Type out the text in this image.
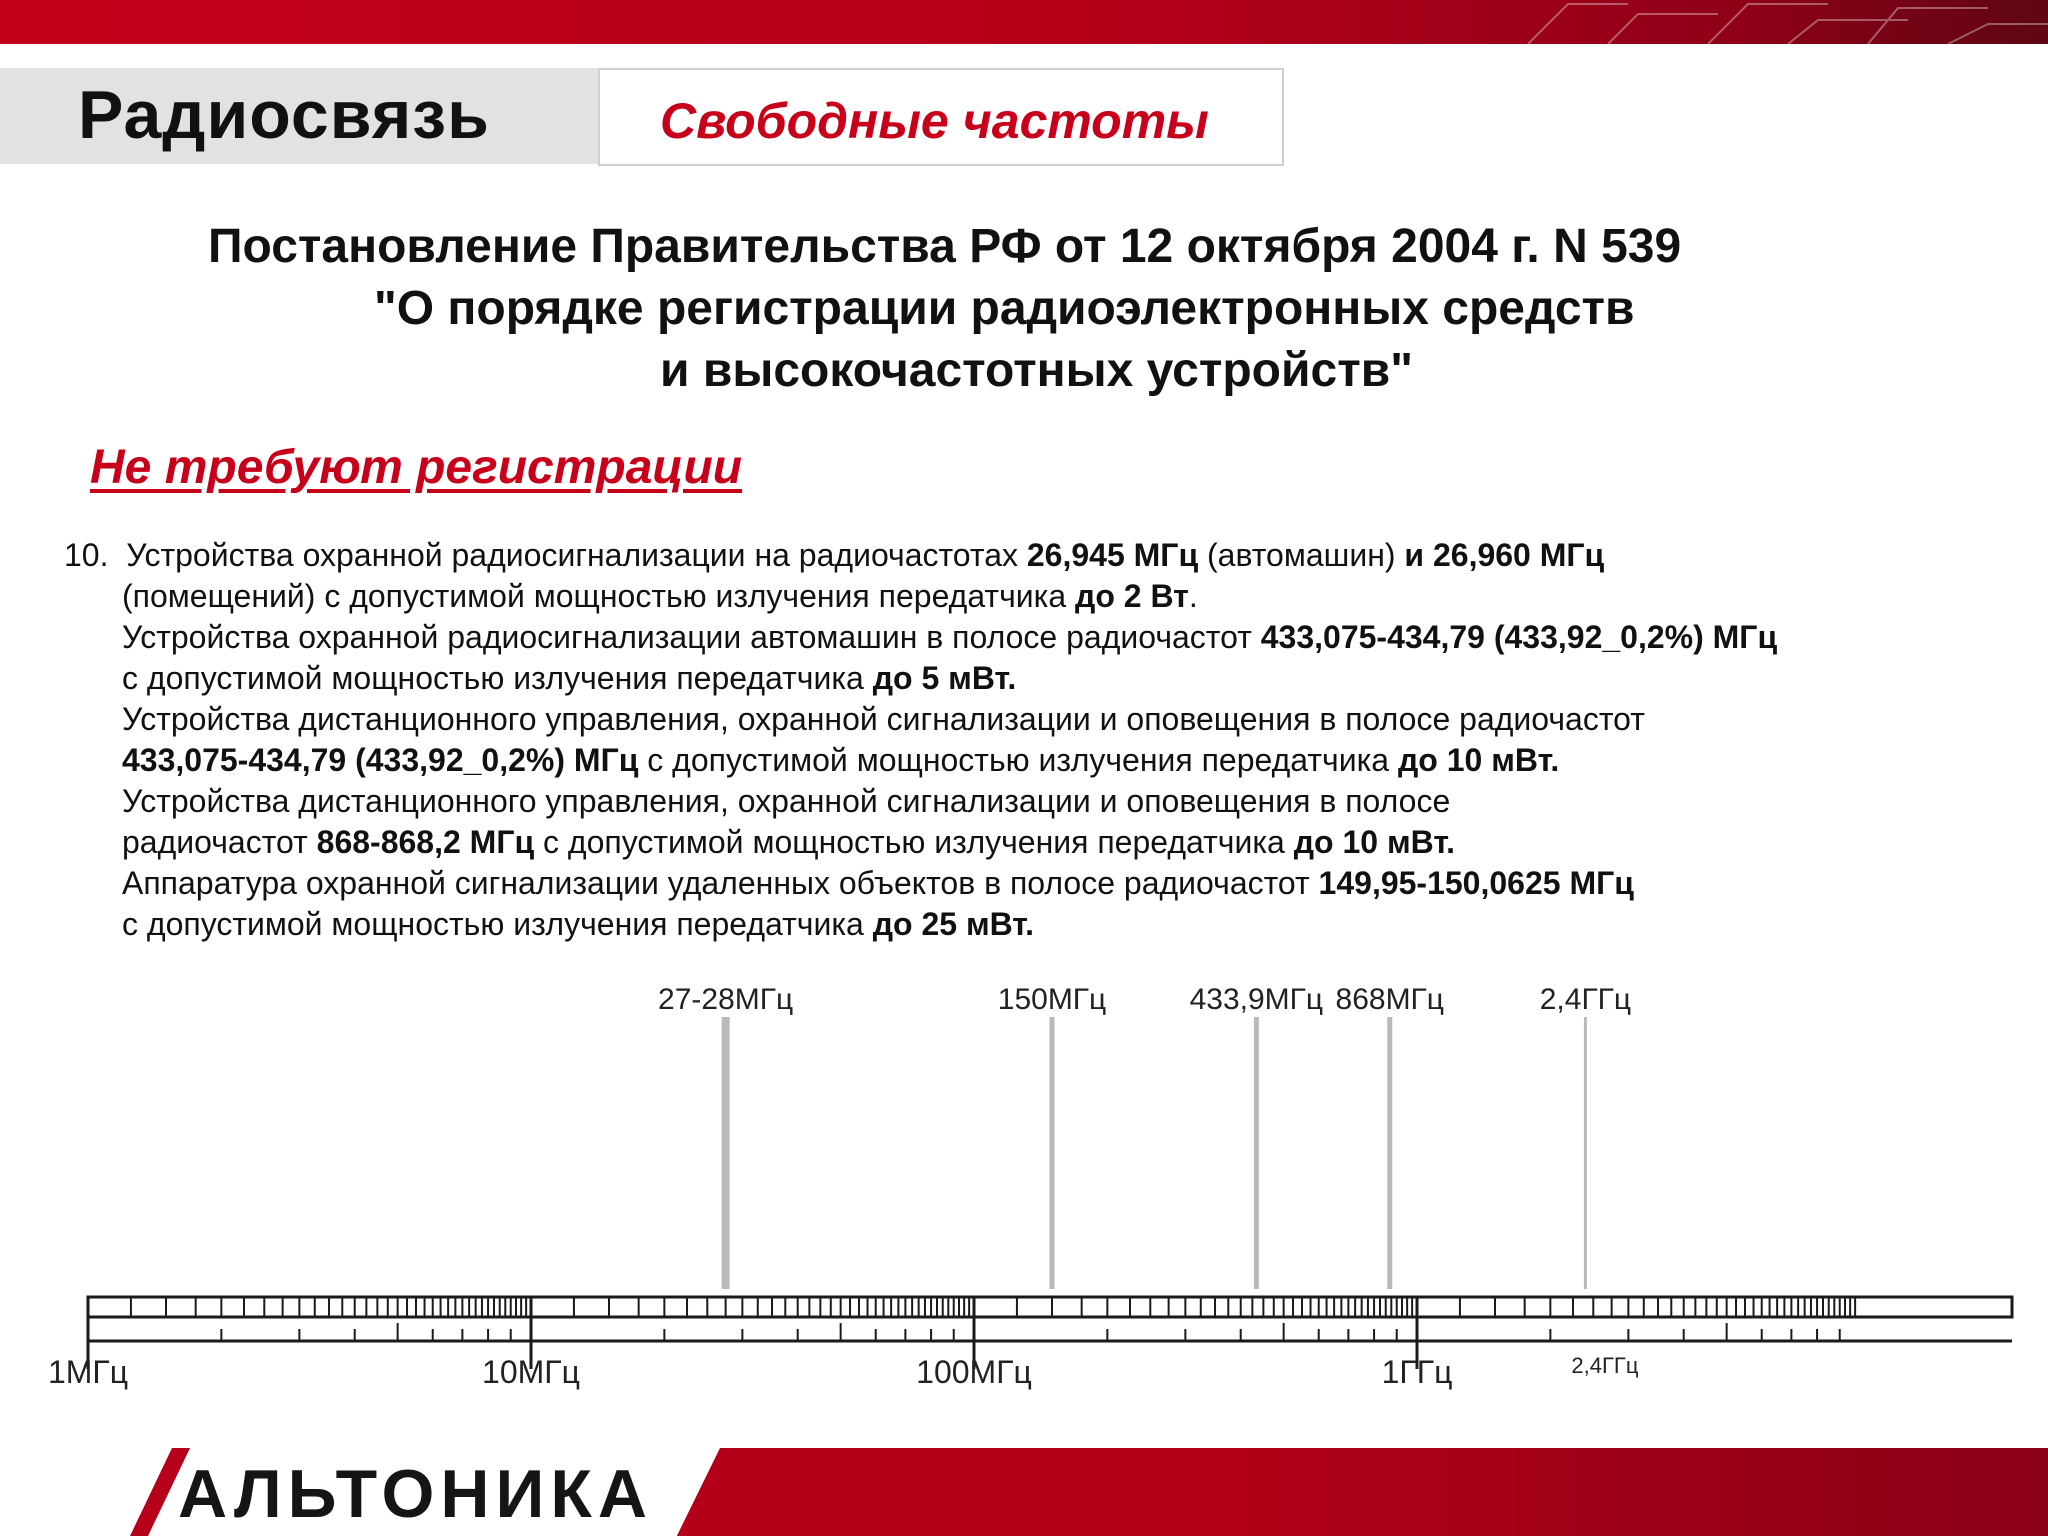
Радиосвязь	Свободные частоты
Постановление Правительства РФ от 12 октября 2004 г. N 539
"О порядке регистрации радиоэлектронных средств
и высокочастотных устройств"
Не требуют регистрации
10. Устройства охранной радиосигнализации на радиочастотах 26,945 МГц (автомашин) и 26,960 МГц
(помещений) с допустимой мощностью излучения передатчика до 2 Вт.
Устройства охранной радиосигнализации автомашин в полосе радиочастот 433,075-434,79 (433,92_0,2%) МГц
с допустимой мощностью излучения передатчика до 5 мВт.
Устройства дистанционного управления, охранной сигнализации и оповещения в полосе радиочастот
433,075-434,79 (433,92_0,2%) МГц с допустимой мощностью излучения передатчика до 10 мВт.
Устройства дистанционного управления, охранной сигнализации и оповещения в полосе
радиочастот 868-868,2 МГц с допустимой мощностью излучения передатчика до 10 мВт.
Аппаратура охранной сигнализации удаленных объектов в полосе радиочастот 149,95-150,0625 МГц
с допустимой мощностью излучения передатчика до 25 мВт.
1МГц	10МГц	100МГц	1ГГц	2,4ГГц
27-28МГц	150МГц	433,9МГц 868МГц	2,4ГГц
АЛЬТОНИКА
